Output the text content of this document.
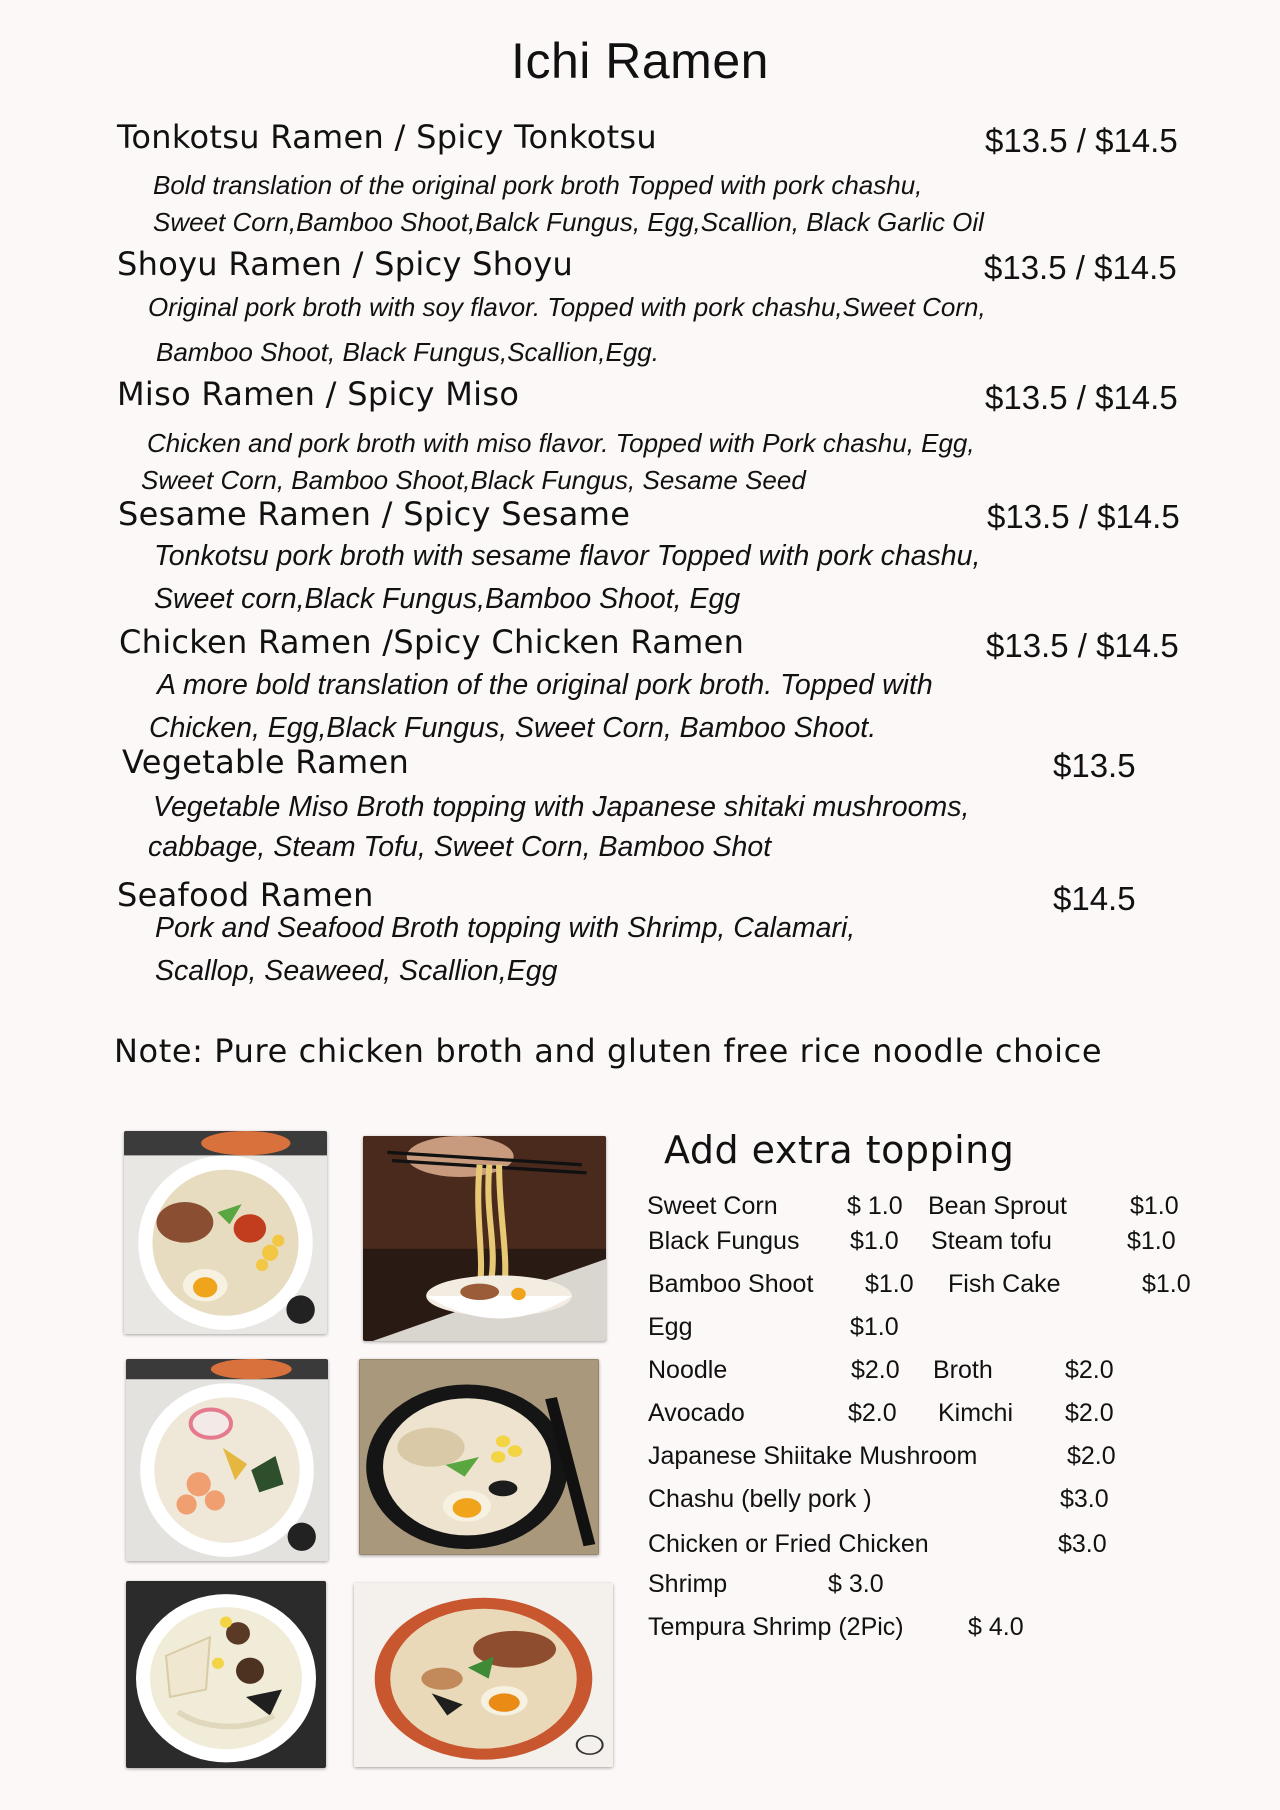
Ichi Ramen
Tonkotsu Ramen / Spicy Tonkotsu	$13.5 / $14.5
Bold translation of the original pork broth Topped with pork chashu,
Sweet Corn,Bamboo Shoot,Balck Fungus, Egg,Scallion, Black Garlic Oil
Shoyu Ramen / Spicy Shoyu	$13.5 / $14.5
Original pork broth with soy flavor. Topped with pork chashu,Sweet Corn,
Bamboo Shoot, Black Fungus,Scallion,Egg.
Miso Ramen / Spicy Miso	$13.5 / $14.5
Chicken and pork broth with miso flavor. Topped with Pork chashu, Egg,
Sweet Corn, Bamboo Shoot,Black Fungus, Sesame Seed
Sesame Ramen / Spicy Sesame	$13.5 / $14.5
Tonkotsu pork broth with sesame flavor Topped with pork chashu,
Sweet corn,Black Fungus,Bamboo Shoot, Egg
Chicken Ramen /Spicy Chicken Ramen	$13.5 / $14.5
A more bold translation of the original pork broth. Topped with
Chicken, Egg,Black Fungus, Sweet Corn, Bamboo Shoot.
Vegetable Ramen	$13.5
Vegetable Miso Broth topping with Japanese shitaki mushrooms,
cabbage, Steam Tofu, Sweet Corn, Bamboo Shot
Seafood Ramen	$14.5
Pork and Seafood Broth topping with Shrimp, Calamari,
Scallop, Seaweed, Scallion,Egg
Note: Pure chicken broth and gluten free rice noodle choice
Add extra topping
Sweet Corn	$ 1.0 Bean Sprout	$1.0
Black Fungus $1.0 Steam tofu	$1.0
Bamboo Shoot $1.0 Fish Cake	$1.0
Egg	$1.0
Noodle	$2.0 Broth	$2.0
Avocado	$2.0 Kimchi $2.0
Japanese Shiitake Mushroom	$2.0
Chashu (belly pork )	$3.0
Chicken or Fried Chicken	$3.0
Shrimp	$ 3.0
Tempura Shrimp (2Pic)	$ 4.0
